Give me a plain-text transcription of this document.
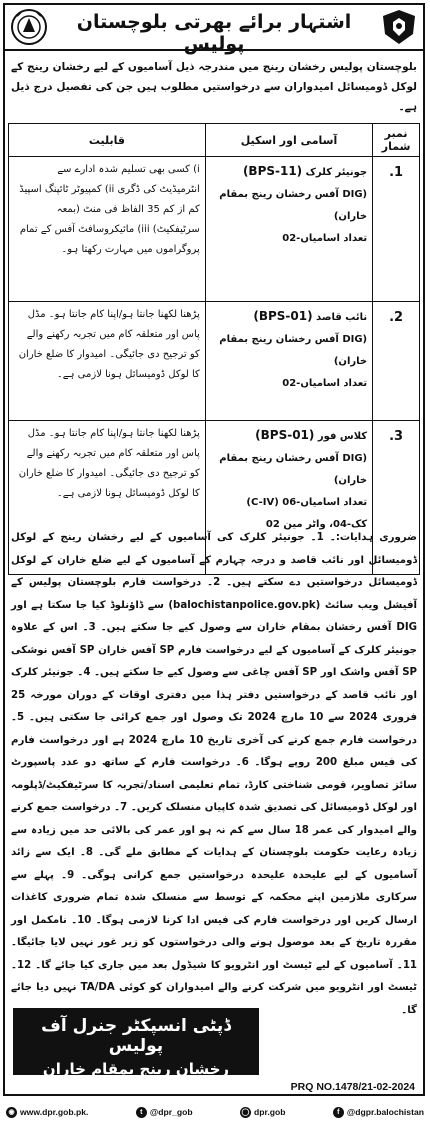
اشتہار برائے بھرتی بلوچستان پولیس
بلوچستان پولیس رخشان رینج میں مندرجہ ذیل آسامیوں کے لیے رخشان رینج کے لوکل ڈومیسائل امیدواران سے درخواستیں مطلوب ہیں جن کی تفصیل درج ذیل ہے۔
نمبر شمار	آسامی اور اسکیل	قابلیت
1.	جونیئر کلرک (BPS-11)
(DIG آفس رخشان رینج بمقام خاران)
تعداد اسامیاں-02	i) کسی بھی تسلیم شدہ ادارے سے انٹرمیڈیٹ کی ڈگری ii) کمپیوٹر ٹائپنگ اسپیڈ کم از کم 35 الفاظ فی منٹ (بمعہ سرٹیفکیٹ) iii) مائیکروسافٹ آفس کے تمام پروگراموں میں مہارت رکھتا ہو۔
2.	نائب قاصد (BPS-01)
(DIG آفس رخشان رینج بمقام خاران)
تعداد اسامیاں-02	پڑھنا لکھنا جانتا ہو/اپنا کام جانتا ہو۔ مڈل پاس اور متعلقہ کام میں تجربہ رکھنے والے کو ترجیح دی جائیگی۔ امیدوار کا ضلع خاران کا لوکل ڈومیسائل ہونا لازمی ہے۔
3.	کلاس فور (BPS-01)
(DIG آفس رخشان رینج بمقام خاران)
تعداد اسامیاں-06 (C-IV)
کک-04، واٹر مین 02	پڑھنا لکھنا جانتا ہو/اپنا کام جانتا ہو۔ مڈل پاس اور متعلقہ کام میں تجربہ رکھنے والے کو ترجیح دی جائیگی۔ امیدوار کا ضلع خاران کا لوکل ڈومیسائل ہونا لازمی ہے۔
ضروری ہدایات:۔ 1۔ جونیئر کلرک کی آسامیوں کے لیے رخشان رینج کے لوکل ڈومیسائل اور نائب قاصد و درجہ چہارم کے آسامیوں کے لیے ضلع خاران کے لوکل ڈومیسائل درخواستیں دے سکتے ہیں۔ 2۔ درخواست فارم بلوچستان پولیس کے آفیشل ویب سائٹ (balochistanpolice.gov.pk) سے ڈاؤنلوڈ کیا جا سکتا ہے اور DIG آفس رخشان بمقام خاران سے وصول کیے جا سکتے ہیں۔ 3۔ اس کے علاوہ جونیئر کلرک کے آسامیوں کے لیے درخواست فارم SP آفس خاران SP آفس نوشکی SP آفس واشک اور SP آفس چاغی سے وصول کیے جا سکتے ہیں۔ 4۔ جونیئر کلرک اور نائب قاصد کے درخواستیں دفتر ہذا میں دفتری اوقات کے دوران مورخہ 25 فروری 2024 سے 10 مارچ 2024 تک وصول اور جمع کرائی جا سکتی ہیں۔ 5۔ درخواست فارم جمع کرنے کی آخری تاریخ 10 مارچ 2024 ہے اور درخواست فارم کی فیس مبلغ 200 روپے ہوگا۔ 6۔ درخواست فارم کے ساتھ دو عدد پاسپورٹ سائز تصاویر، قومی شناختی کارڈ، تمام تعلیمی اسناد/تجربہ کا سرٹیفکیٹ/ڈپلومہ اور لوکل ڈومیسائل کی تصدیق شدہ کاپیاں منسلک کریں۔ 7۔ درخواست جمع کرنے والے امیدوار کی عمر 18 سال سے کم نہ ہو اور عمر کی بالائی حد میں زیادہ سے زیادہ رعایت حکومت بلوچستان کے ہدایات کے مطابق ملے گی۔ 8۔ ایک سے زائد آسامیوں کے لیے علیحدہ علیحدہ درخواستیں جمع کرانی ہوگی۔ 9۔ پہلے سے سرکاری ملازمین اپنے محکمہ کے توسط سے منسلک شدہ تمام ضروری کاغذات ارسال کریں اور درخواست فارم کی فیس ادا کرنا لازمی ہوگا۔ 10۔ نامکمل اور مقررہ تاریخ کے بعد موصول ہونے والی درخواستوں کو زیر غور نہیں لایا جائیگا۔ 11۔ آسامیوں کے لیے ٹیسٹ اور انٹرویو کا شیڈول بعد میں جاری کیا جائے گا۔ 12۔ ٹیسٹ اور انٹرویو میں شرکت کرنے والے امیدواران کو کوئی TA/DA نہیں دیا جائے گا۔
ڈپٹی انسپکٹر جنرل آف پولیس
رخشان رینج بمقام خاران
PRQ NO.1478/21-02-2024
◉ www.dpr.gob.pk.	t @dpr_gob	◯ dpr.gob	f @dgpr.balochistan
